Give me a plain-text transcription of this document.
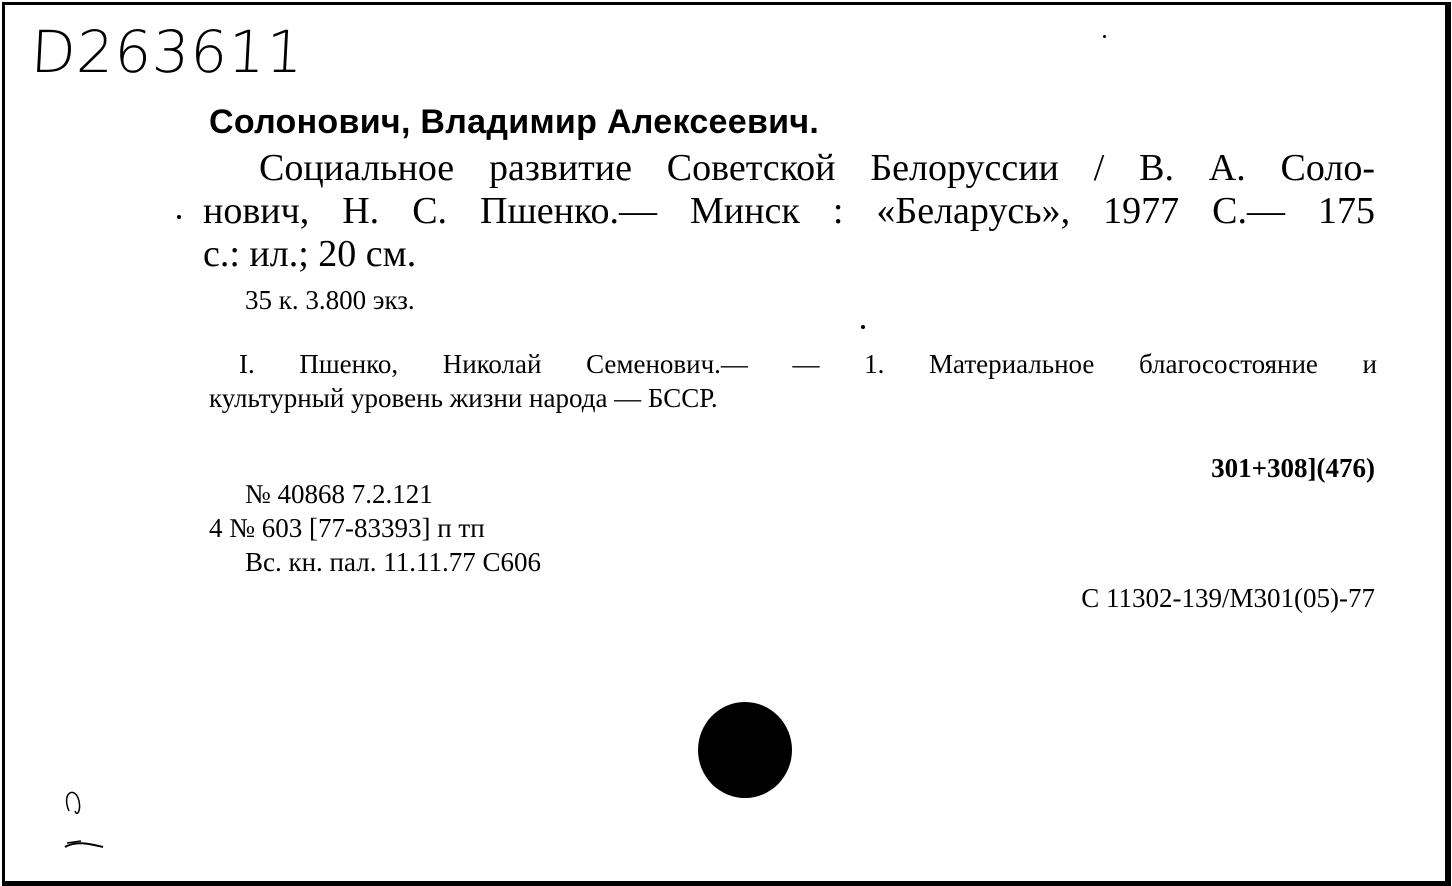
D263611
Солонович, Владимир Алексеевич.
Социальное развитие Советской Белоруссии / В. А. Соло-
нович, Н. С. Пшенко.— Минск : «Беларусь», 1977 С.— 175
с.: ил.; 20 см.
35 к. 3.800 экз.
I. Пшенко, Николай Семенович.— — 1. Материальное благосостояние и
культурный уровень жизни народа — БССР.
301+308](476)
№ 40868 7.2.121
4 № 603 [77-83393] п тп
Вс. кн. пал. 11.11.77 С606
С 11302-139/М301(05)-77
